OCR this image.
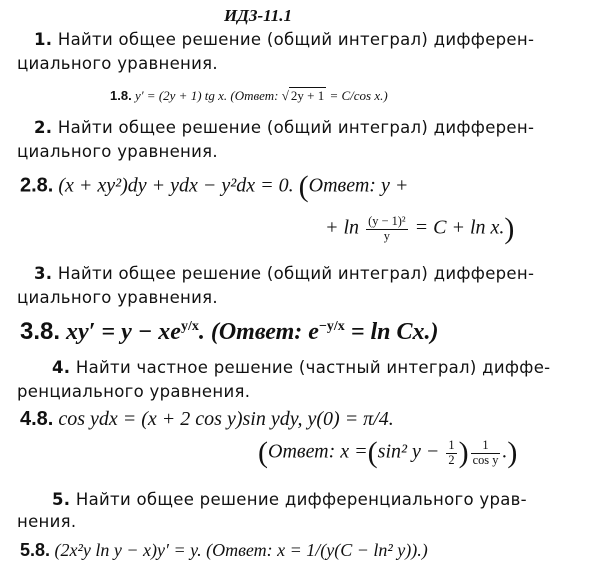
ИДЗ-11.1
1. Найти общее решение (общий интеграл) дифферен-
циального уравнения.
1.8. y′ = (2y + 1) tg x. (Ответ: √ 2y + 1 = C/cos x.)
2. Найти общее решение (общий интеграл) дифферен-
циального уравнения.
2.8. (x + xy²)dy + ydx − y²dx = 0. (Ответ: y +
+ $\ln \frac{\text{(y − 1)²}}{y} = C + \ln x$.)
3. Найти общее решение (общий интеграл) дифферен-
циального уравнения.
3.8. $xy' = y - xe^{y/x}$. (Ответ: $e^{-y/x} = \ln Cx$.)
4. Найти частное решение (частный интеграл) диффе-
ренциального уравнения.
4.8. cos ydx = (x + 2 cos y)sin ydy, y(0) = π/4.
(Ответ: x =(sin² $y - \frac{1}{2}$ ) $\frac{1}{\text{cos y}}$ .)
5. Найти общее решение дифференциального урав-
нения.
5.8. (2x²y ln y − x)y′ = y. (Ответ: x = 1/(y(C − ln² y)).)
